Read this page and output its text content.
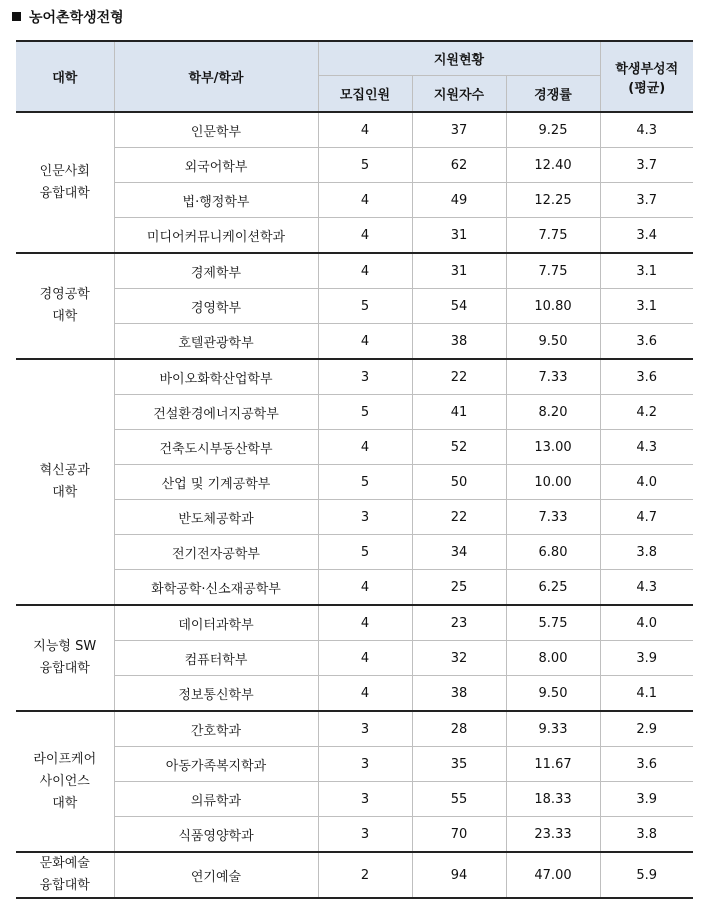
농어촌학생전형
대학	학부/학과	지원현황			학생부성적
(평균)
		모집인원	지원자수	경쟁률	
인문사회
융합대학	인문학부	4	37	9.25	4.3
	외국어학부	5	62	12.40	3.7
	법·행정학부	4	49	12.25	3.7
	미디어커뮤니케이션학과	4	31	7.75	3.4
경영공학
대학	경제학부	4	31	7.75	3.1
	경영학부	5	54	10.80	3.1
	호텔관광학부	4	38	9.50	3.6
혁신공과
대학	바이오화학산업학부	3	22	7.33	3.6
	건설환경에너지공학부	5	41	8.20	4.2
	건축도시부동산학부	4	52	13.00	4.3
	산업 및 기계공학부	5	50	10.00	4.0
	반도체공학과	3	22	7.33	4.7
	전기전자공학부	5	34	6.80	3.8
	화학공학·신소재공학부	4	25	6.25	4.3
지능형 SW
융합대학	데이터과학부	4	23	5.75	4.0
	컴퓨터학부	4	32	8.00	3.9
	정보통신학부	4	38	9.50	4.1
라이프케어
사이언스
대학	간호학과	3	28	9.33	2.9
	아동가족복지학과	3	35	11.67	3.6
	의류학과	3	55	18.33	3.9
	식품영양학과	3	70	23.33	3.8
문화예술
융합대학	연기예술	2	94	47.00	5.9
